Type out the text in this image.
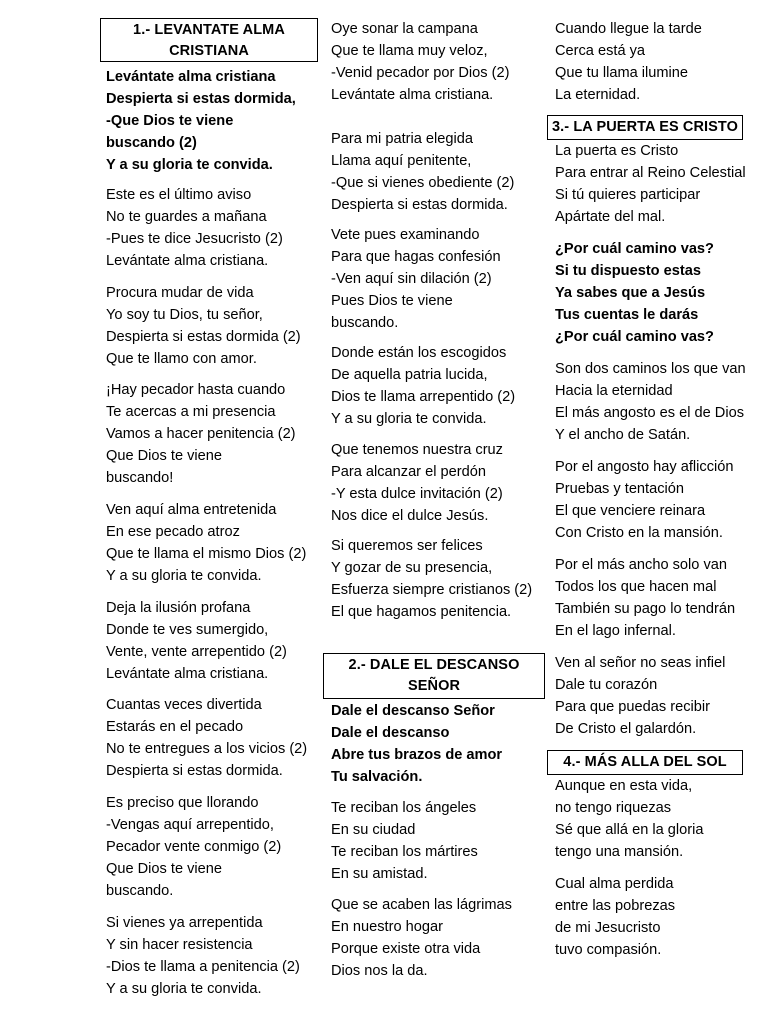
1.- LEVANTATE ALMA CRISTIANA
Levántate alma cristiana
Despierta si estas dormida,
-Que Dios te viene
buscando (2)
Y a su gloria te convida.
Este es el último aviso
No te guardes a mañana
-Pues te dice Jesucristo (2)
Levántate alma cristiana.
Procura mudar de vida
Yo soy tu Dios, tu señor,
Despierta si estas dormida (2)
Que te llamo con amor.
¡Hay pecador hasta cuando
Te acercas a mi presencia
Vamos a hacer penitencia (2)
Que Dios te viene
buscando!
Ven aquí alma entretenida
En ese pecado atroz
Que te llama el mismo Dios (2)
Y a su gloria te convida.
Deja la ilusión profana
Donde te ves sumergido,
Vente, vente arrepentido (2)
Levántate alma cristiana.
Cuantas veces divertida
Estarás en el pecado
No te entregues a los vicios (2)
Despierta si estas dormida.
Es preciso que llorando
-Vengas aquí arrepentido,
Pecador vente conmigo (2)
Que Dios te viene
buscando.
Si vienes ya arrepentida
Y sin hacer resistencia
-Dios te llama a penitencia (2)
Y a su gloria te convida.
Oye sonar la campana
Que te llama muy veloz,
-Venid pecador por Dios (2)
Levántate alma cristiana.
Para mi patria elegida
Llama aquí penitente,
-Que si vienes obediente (2)
Despierta si estas dormida.
Vete pues examinando
Para que hagas confesión
-Ven aquí sin dilación (2)
Pues Dios te viene
buscando.
Donde están los escogidos
De aquella patria lucida,
Dios te llama arrepentido (2)
Y a su gloria te convida.
Que tenemos nuestra cruz
Para alcanzar el perdón
-Y esta dulce invitación (2)
Nos dice el dulce Jesús.
Si queremos ser felices
Y gozar de su presencia,
Esfuerza siempre cristianos (2)
El que hagamos penitencia.
2.- DALE EL DESCANSO SEÑOR
Dale el descanso Señor
Dale el descanso
Abre tus brazos de amor
Tu salvación.
Te reciban los ángeles
En su ciudad
Te reciban los mártires
En su amistad.
Que se acaben las lágrimas
En nuestro hogar
Porque existe otra vida
Dios nos la da.
Cuando llegue la tarde
Cerca está ya
Que tu llama ilumine
La eternidad.
3.- LA PUERTA ES CRISTO
La puerta es Cristo
Para entrar al Reino Celestial
Si tú quieres participar
Apártate del mal.
¿Por cuál camino vas?
Si tu dispuesto estas
Ya sabes que a Jesús
Tus cuentas le darás
¿Por cuál camino vas?
Son dos caminos los que van
Hacia la eternidad
El más angosto es el de Dios
Y el ancho de Satán.
Por el angosto hay aflicción
Pruebas y tentación
El que venciere reinara
Con Cristo en la mansión.
Por el más ancho solo van
Todos los que hacen mal
También su pago lo tendrán
En el lago infernal.
Ven al señor no seas infiel
Dale tu corazón
Para que puedas recibir
De Cristo el galardón.
4.- MÁS ALLA DEL SOL
Aunque en esta vida,
no tengo riquezas
Sé que allá en la gloria
tengo una mansión.
Cual alma perdida
entre las pobrezas
de mi Jesucristo
tuvo compasión.
